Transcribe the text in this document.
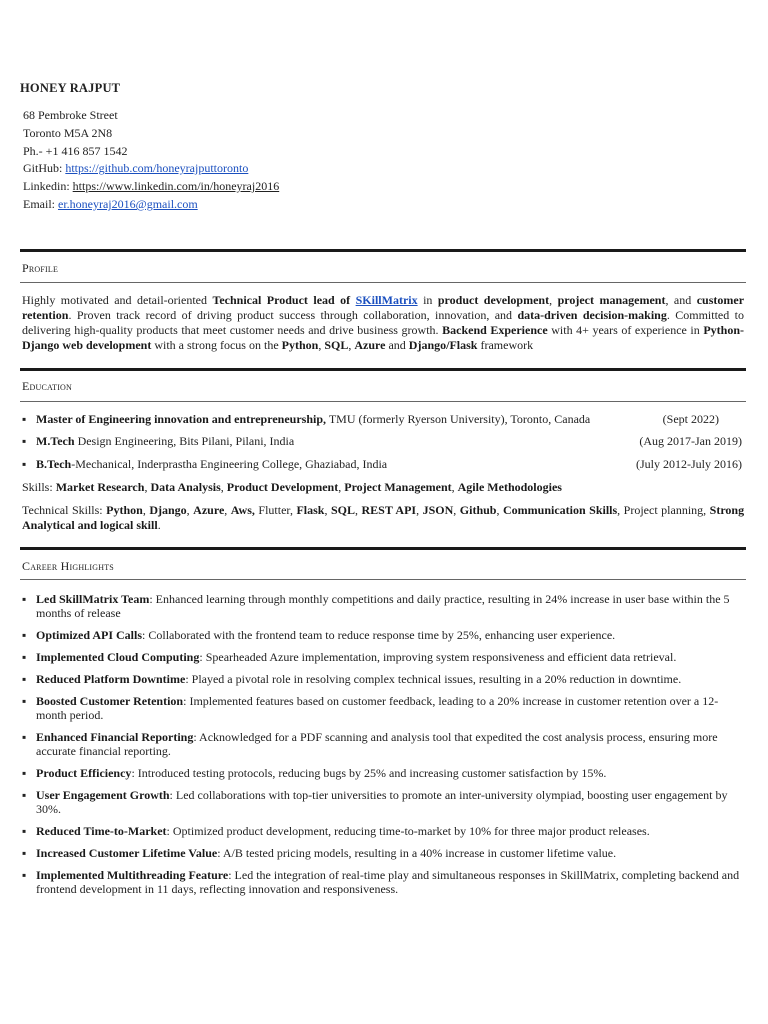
HONEY RAJPUT
68 Pembroke Street
Toronto M5A 2N8
Ph.- +1 416 857 1542
GitHub: https://github.com/honeyrajputtoronto
Linkedin: https://www.linkedin.com/in/honeyraj2016
Email: er.honeyraj2016@gmail.com
Profile
Highly motivated and detail-oriented Technical Product lead of SKillMatrix in product development, project management, and customer retention. Proven track record of driving product success through collaboration, innovation, and data-driven decision-making. Committed to delivering high-quality products that meet customer needs and drive business growth. Backend Experience with 4+ years of experience in Python-Django web development with a strong focus on the Python, SQL, Azure and Django/Flask framework
Education
▪ Master of Engineering innovation and entrepreneurship, TMU (formerly Ryerson University), Toronto, Canada	(Sept 2022)
▪ M.Tech Design Engineering, Bits Pilani, Pilani, India	(Aug 2017-Jan 2019)
▪ B.Tech-Mechanical, Inderprastha Engineering College, Ghaziabad, India	(July 2012-July 2016)
Skills: Market Research, Data Analysis, Product Development, Project Management, Agile Methodologies
Technical Skills: Python, Django, Azure, Aws, Flutter, Flask, SQL, REST API, JSON, Github, Communication Skills, Project planning, Strong Analytical and logical skill.
Career Highlights
▪ Led SkillMatrix Team: Enhanced learning through monthly competitions and daily practice, resulting in 24% increase in user base within the 5 months of release
▪ Optimized API Calls: Collaborated with the frontend team to reduce response time by 25%, enhancing user experience.
▪ Implemented Cloud Computing: Spearheaded Azure implementation, improving system responsiveness and efficient data retrieval.
▪ Reduced Platform Downtime: Played a pivotal role in resolving complex technical issues, resulting in a 20% reduction in downtime.
▪ Boosted Customer Retention: Implemented features based on customer feedback, leading to a 20% increase in customer retention over a 12-month period.
▪ Enhanced Financial Reporting: Acknowledged for a PDF scanning and analysis tool that expedited the cost analysis process, ensuring more accurate financial reporting.
▪ Product Efficiency: Introduced testing protocols, reducing bugs by 25% and increasing customer satisfaction by 15%.
▪ User Engagement Growth: Led collaborations with top-tier universities to promote an inter-university olympiad, boosting user engagement by 30%.
▪ Reduced Time-to-Market: Optimized product development, reducing time-to-market by 10% for three major product releases.
▪ Increased Customer Lifetime Value: A/B tested pricing models, resulting in a 40% increase in customer lifetime value.
▪ Implemented Multithreading Feature: Led the integration of real-time play and simultaneous responses in SkillMatrix, completing backend and frontend development in 11 days, reflecting innovation and responsiveness.
